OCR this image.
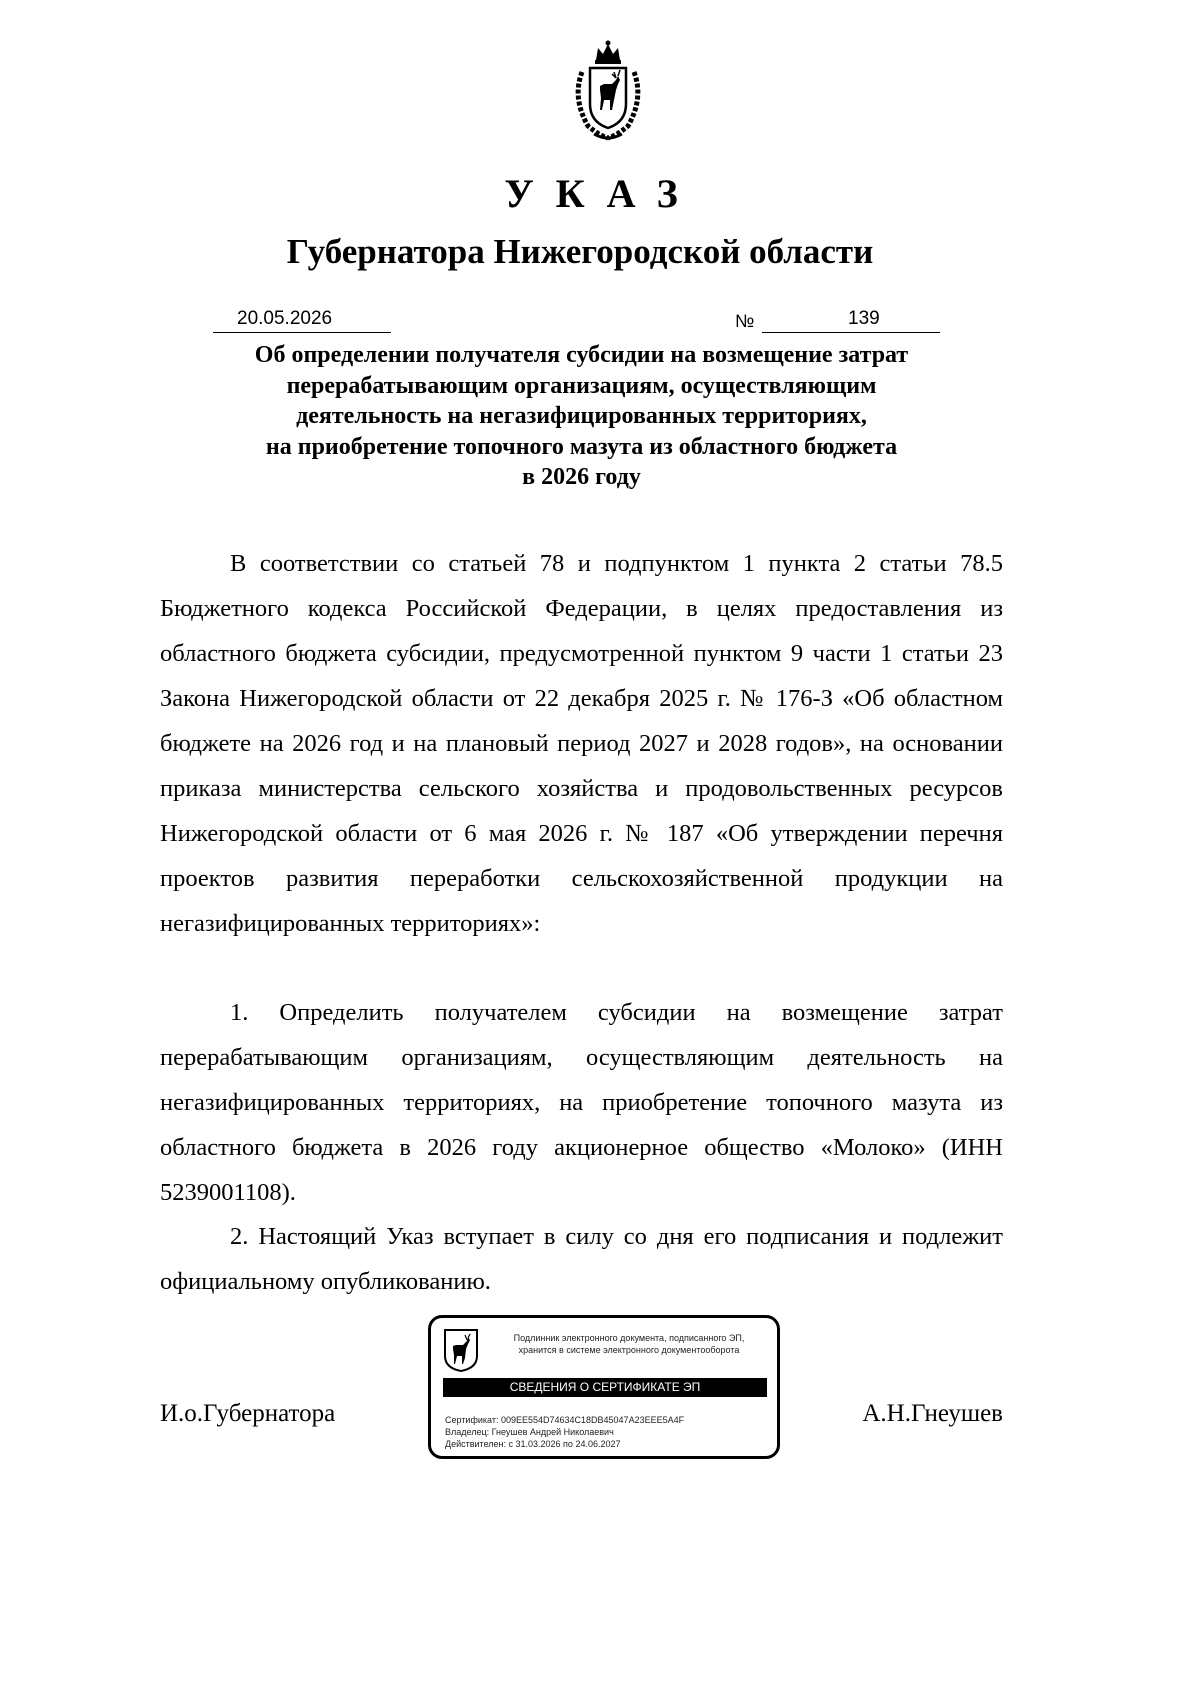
УКАЗ
Губернатора Нижегородской области
20.05.2026	№	139
Об определении получателя субсидии на возмещение затрат
перерабатывающим организациям, осуществляющим
деятельность на негазифицированных территориях,
на приобретение топочного мазута из областного бюджета
в 2026 году

В соответствии со статьей 78 и подпунктом 1 пункта 2 статьи 78.5 Бюджетного кодекса Российской Федерации, в целях предоставления из областного бюджета субсидии, предусмотренной пунктом 9 части 1 статьи 23 Закона Нижегородской области от 22 декабря 2025 г. № 176-З «Об областном бюджете на 2026 год и на плановый период 2027 и 2028 годов», на основании приказа министерства сельского хозяйства и продовольственных ресурсов Нижегородской области от 6 мая 2026 г. № 187 «Об утверждении перечня проектов развития переработки сельскохозяйственной продукции на негазифицированных территориях»:

1. Определить получателем субсидии на возмещение затрат перерабатывающим организациям, осуществляющим деятельность на негазифицированных территориях, на приобретение топочного мазута из областного бюджета в 2026 году акционерное общество «Молоко» (ИНН 5239001108).

2. Настоящий Указ вступает в силу со дня его подписания и подлежит официальному опубликованию.

И.о.Губернатора	А.Н.Гнеушев
Подлинник электронного документа, подписанного ЭП,
хранится в системе электронного документооборота
СВЕДЕНИЯ О СЕРТИФИКАТЕ ЭП
Сертификат: 009EE554D74634C18DB45047A23EEE5A4F
Владелец: Гнеушев Андрей Николаевич
Действителен: с 31.03.2026 по 24.06.2027
